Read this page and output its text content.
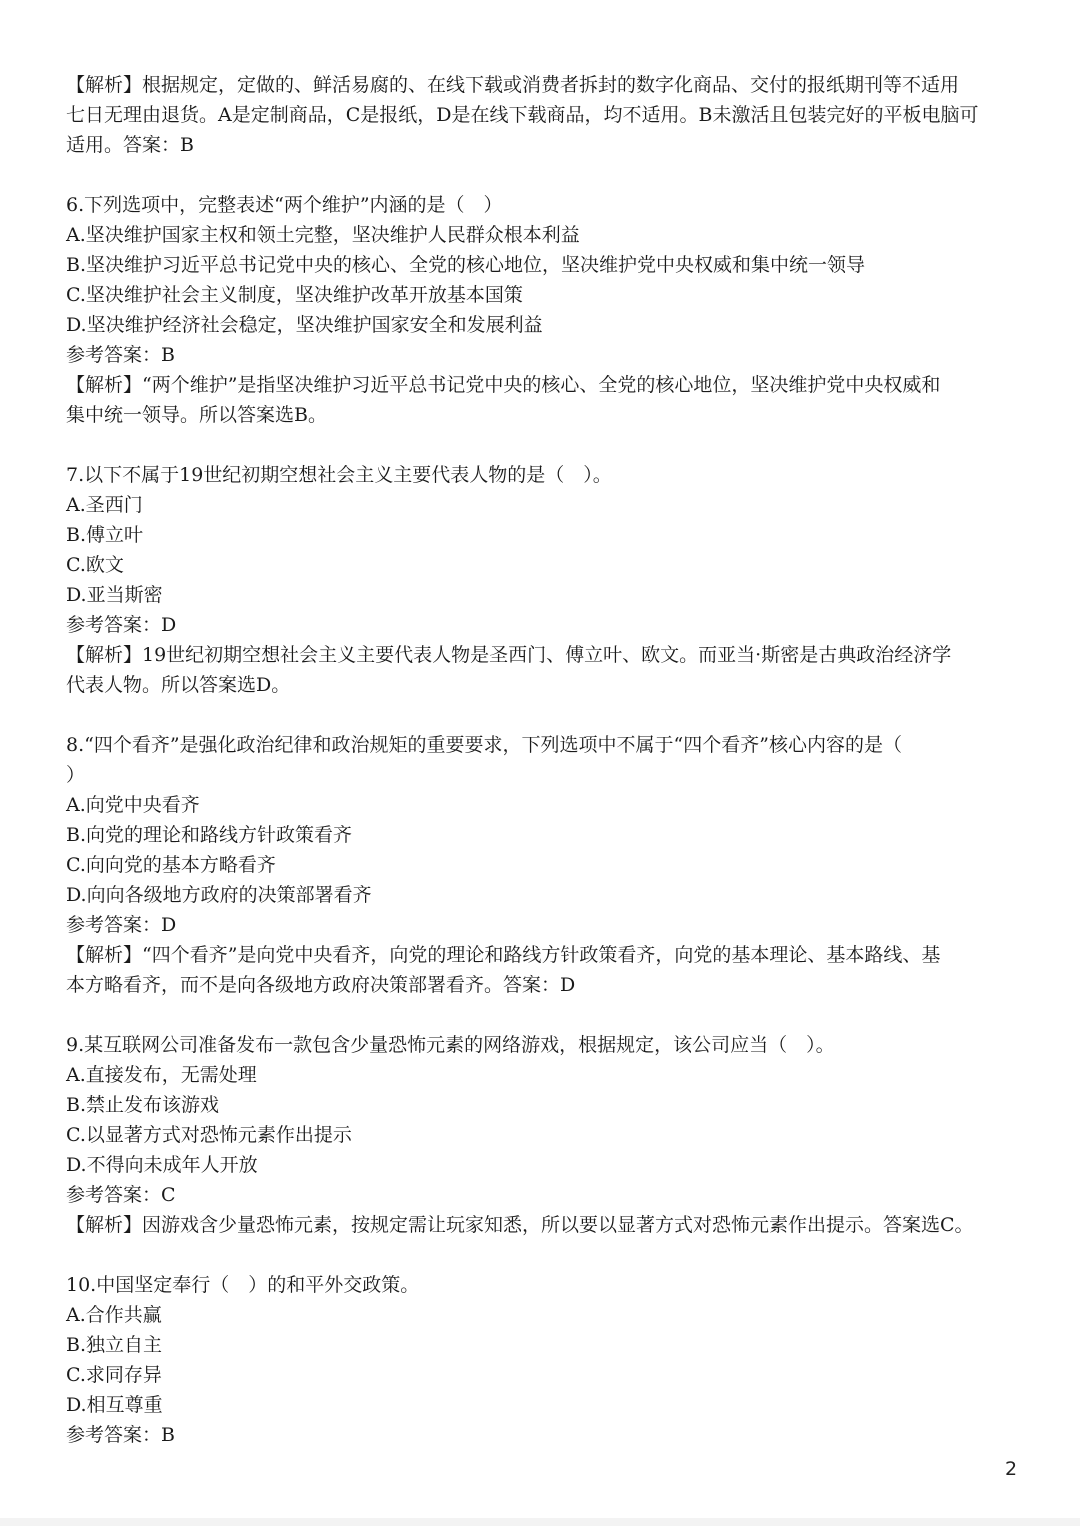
【解析】根据规定，定做的、鲜活易腐的、在线下载或消费者拆封的数字化商品、交付的报纸期刊等不适用
七日无理由退货。A是定制商品，C是报纸，D是在线下载商品，均不适用。B未激活且包装完好的平板电脑可
适用。答案：B
6.下列选项中，完整表述“两个维护”内涵的是（　）
A.坚决维护国家主权和领土完整，坚决维护人民群众根本利益
B.坚决维护习近平总书记党中央的核心、全党的核心地位，坚决维护党中央权威和集中统一领导
C.坚决维护社会主义制度，坚决维护改革开放基本国策
D.坚决维护经济社会稳定，坚决维护国家安全和发展利益
参考答案：B
【解析】“两个维护”是指坚决维护习近平总书记党中央的核心、全党的核心地位，坚决维护党中央权威和
集中统一领导。所以答案选B。
7.以下不属于19世纪初期空想社会主义主要代表人物的是（　）。
A.圣西门
B.傅立叶
C.欧文
D.亚当斯密
参考答案：D
【解析】19世纪初期空想社会主义主要代表人物是圣西门、傅立叶、欧文。而亚当·斯密是古典政治经济学
代表人物。所以答案选D。
8.“四个看齐”是强化政治纪律和政治规矩的重要要求，下列选项中不属于“四个看齐”核心内容的是（
）
A.向党中央看齐
B.向党的理论和路线方针政策看齐
C.向向党的基本方略看齐
D.向向各级地方政府的决策部署看齐
参考答案：D
【解析】“四个看齐”是向党中央看齐，向党的理论和路线方针政策看齐，向党的基本理论、基本路线、基
本方略看齐，而不是向各级地方政府决策部署看齐。答案：D
9.某互联网公司准备发布一款包含少量恐怖元素的网络游戏，根据规定，该公司应当（　）。
A.直接发布，无需处理
B.禁止发布该游戏
C.以显著方式对恐怖元素作出提示
D.不得向未成年人开放
参考答案：C
【解析】因游戏含少量恐怖元素，按规定需让玩家知悉，所以要以显著方式对恐怖元素作出提示。答案选C。
10.中国坚定奉行（　）的和平外交政策。
A.合作共赢
B.独立自主
C.求同存异
D.相互尊重
参考答案：B
2
